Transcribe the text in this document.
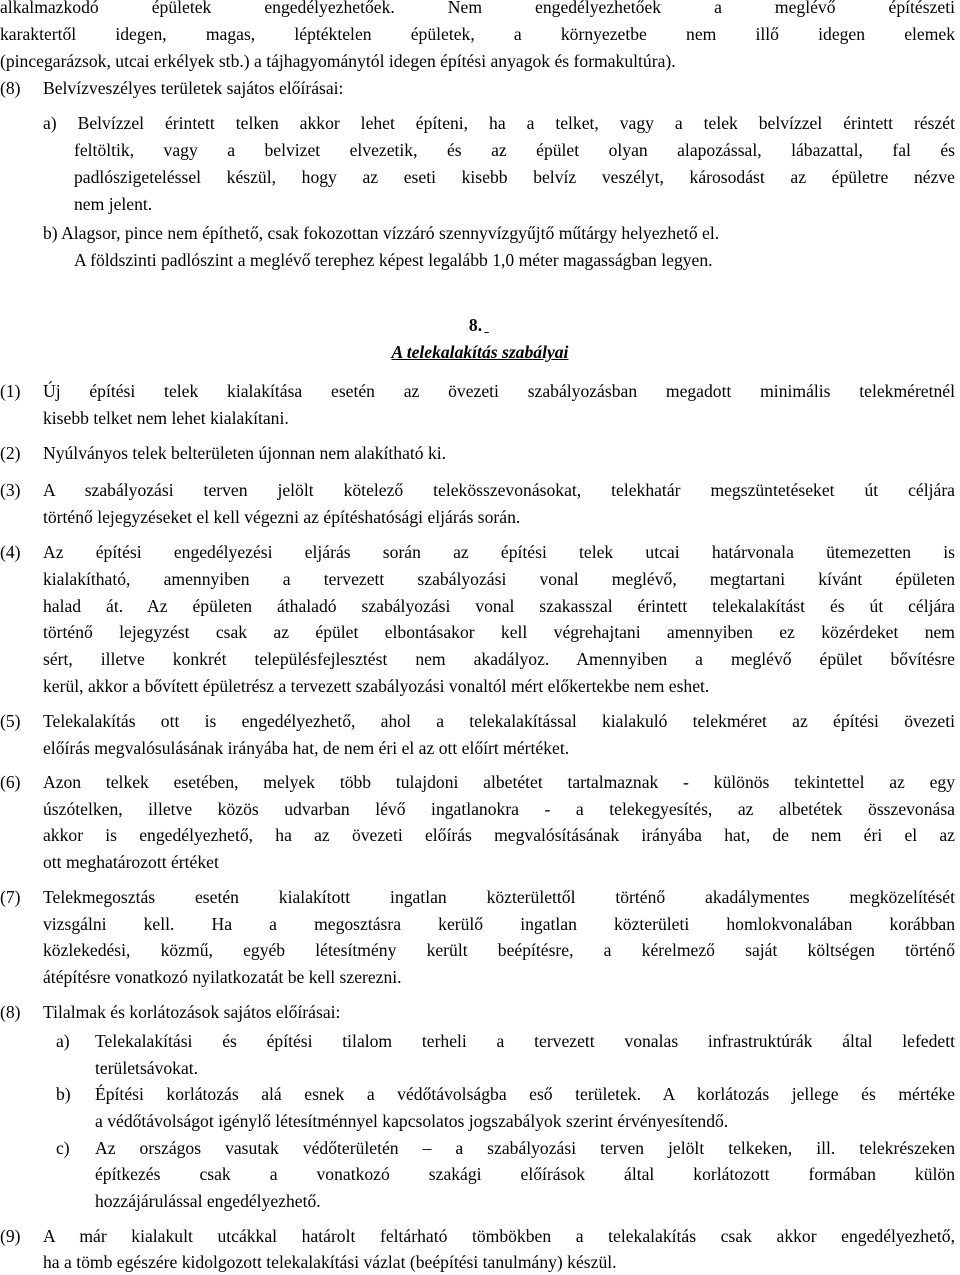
alkalmazkodó épületek engedélyezhetőek. Nem engedélyezhetőek a meglévő építészeti
karaktertől idegen, magas, léptéktelen épületek, a környezetbe nem illő idegen elemek
(pincegarázsok, utcai erkélyek stb.) a tájhagyománytól idegen építési anyagok és formakultúra).
(8) Belvízveszélyes területek sajátos előírásai:
a) Belvízzel érintett telken akkor lehet építeni, ha a telket, vagy a telek belvízzel érintett részét
feltöltik, vagy a belvizet elvezetik, és az épület olyan alapozással, lábazattal, fal és
padlószigeteléssel készül, hogy az eseti kisebb belvíz veszélyt, károsodást az épületre nézve
nem jelent.
b) Alagsor, pince nem építhető, csak fokozottan vízzáró szennyvízgyűjtő műtárgy helyezhető el.
A földszinti padlószint a meglévő terephez képest legalább 1,0 méter magasságban legyen.
8.
A telekalakítás szabályai
(1) Új építési telek kialakítása esetén az övezeti szabályozásban megadott minimális telekméretnél
kisebb telket nem lehet kialakítani.
(2) Nyúlványos telek belterületen újonnan nem alakítható ki.
(3) A szabályozási terven jelölt kötelező telekösszevonásokat, telekhatár megszüntetéseket út céljára
történő lejegyzéseket el kell végezni az építéshatósági eljárás során.
(4) Az építési engedélyezési eljárás során az építési telek utcai határvonala ütemezetten is
kialakítható, amennyiben a tervezett szabályozási vonal meglévő, megtartani kívánt épületen
halad át. Az épületen áthaladó szabályozási vonal szakasszal érintett telekalakítást és út céljára
történő lejegyzést csak az épület elbontásakor kell végrehajtani amennyiben ez közérdeket nem
sért, illetve konkrét településfejlesztést nem akadályoz. Amennyiben a meglévő épület bővítésre
kerül, akkor a bővített épületrész a tervezett szabályozási vonaltól mért előkertekbe nem eshet.
(5) Telekalakítás ott is engedélyezhető, ahol a telekalakítással kialakuló telekméret az építési övezeti
előírás megvalósulásának irányába hat, de nem éri el az ott előírt mértéket.
(6) Azon telkek esetében, melyek több tulajdoni albetétet tartalmaznak - különös tekintettel az egy
úszótelken, illetve közös udvarban lévő ingatlanokra - a telekegyesítés, az albetétek összevonása
akkor is engedélyezhető, ha az övezeti előírás megvalósításának irányába hat, de nem éri el az
ott meghatározott értéket
(7) Telekmegosztás esetén kialakított ingatlan közterülettől történő akadálymentes megközelítését
vizsgálni kell. Ha a megosztásra kerülő ingatlan közterületi homlokvonalában korábban
közlekedési, közmű, egyéb létesítmény került beépítésre, a kérelmező saját költségen történő
átépítésre vonatkozó nyilatkozatát be kell szerezni.
(8) Tilalmak és korlátozások sajátos előírásai:
a) Telekalakítási és építési tilalom terheli a tervezett vonalas infrastruktúrák által lefedett
területsávokat.
b) Építési korlátozás alá esnek a védőtávolságba eső területek. A korlátozás jellege és mértéke
a védőtávolságot igénylő létesítménnyel kapcsolatos jogszabályok szerint érvényesítendő.
c) Az országos vasutak védőterületén – a szabályozási terven jelölt telkeken, ill. telekrészeken
építkezés csak a vonatkozó szakági előírások által korlátozott formában külön
hozzájárulással engedélyezhető.
(9) A már kialakult utcákkal határolt feltárható tömbökben a telekalakítás csak akkor engedélyezhető,
ha a tömb egészére kidolgozott telekalakítási vázlat (beépítési tanulmány) készül.
